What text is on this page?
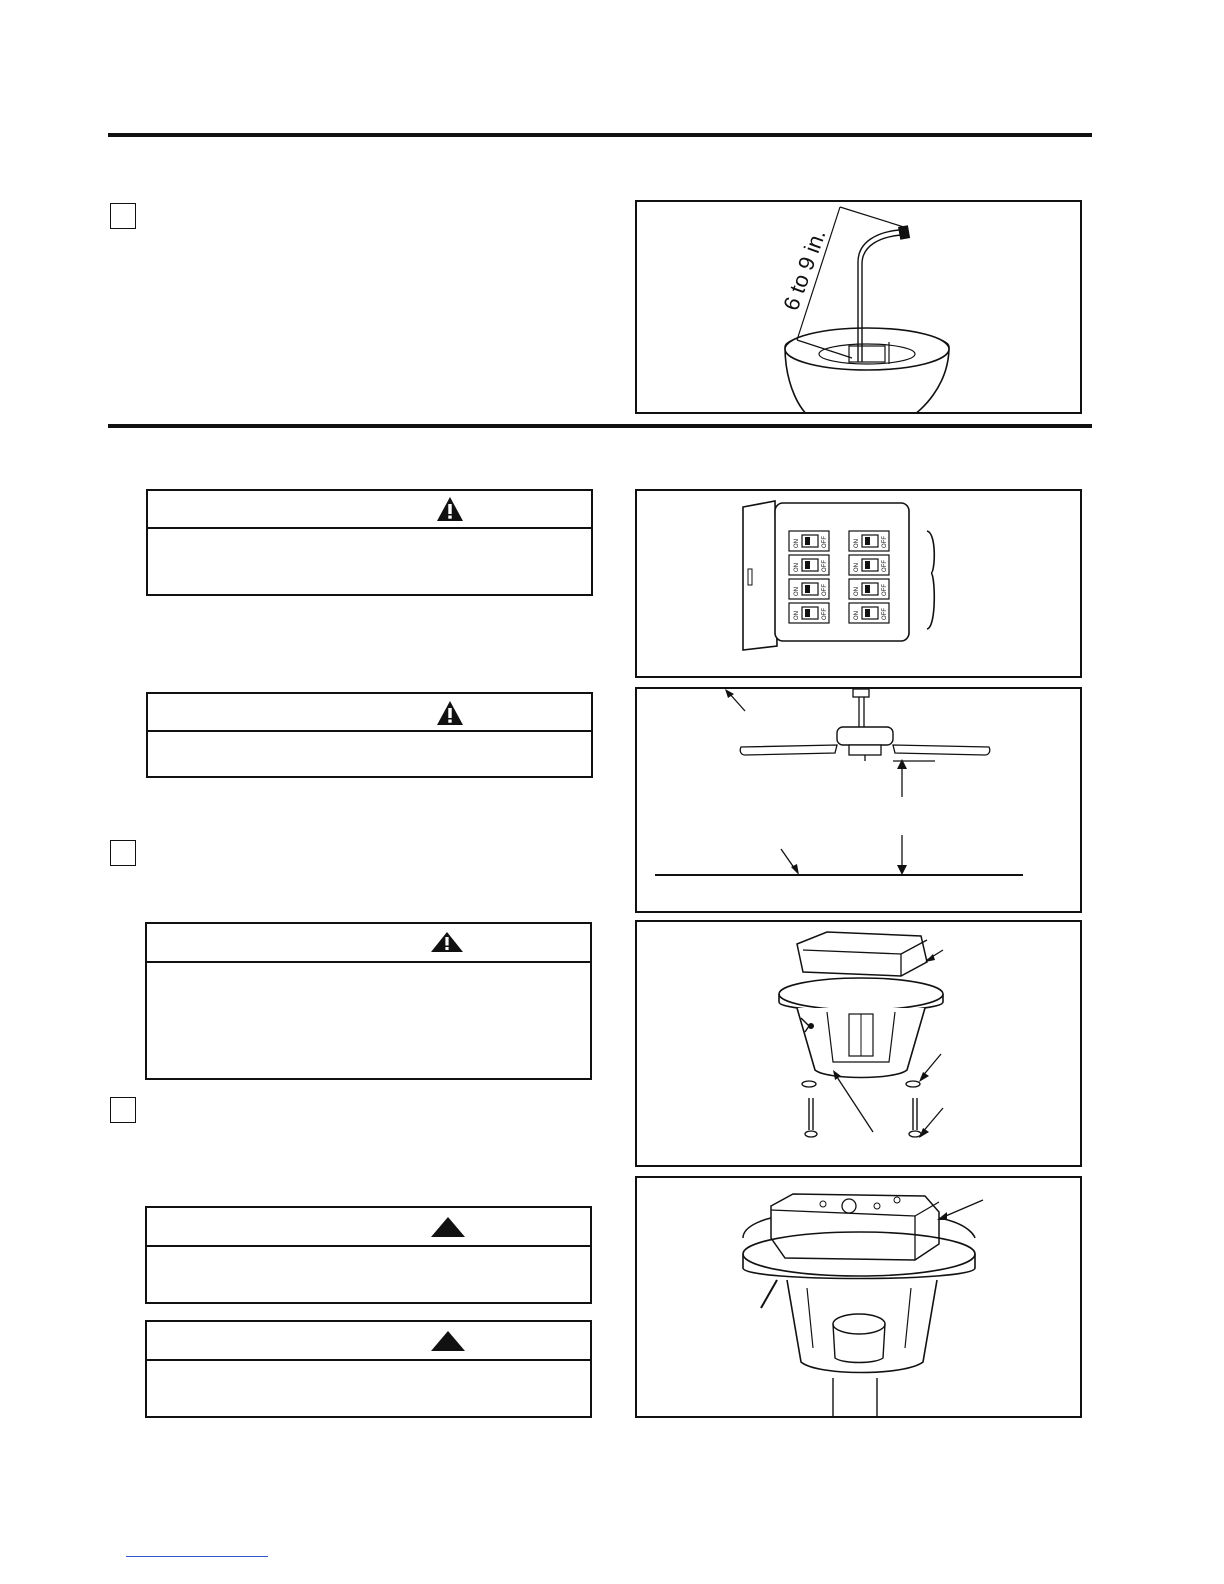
6 to 9 in.
ON	OFF	ON	OFF
ON	OFF	ON	OFF
ON	OFF	ON	OFF
ON	OFF	ON	OFF
